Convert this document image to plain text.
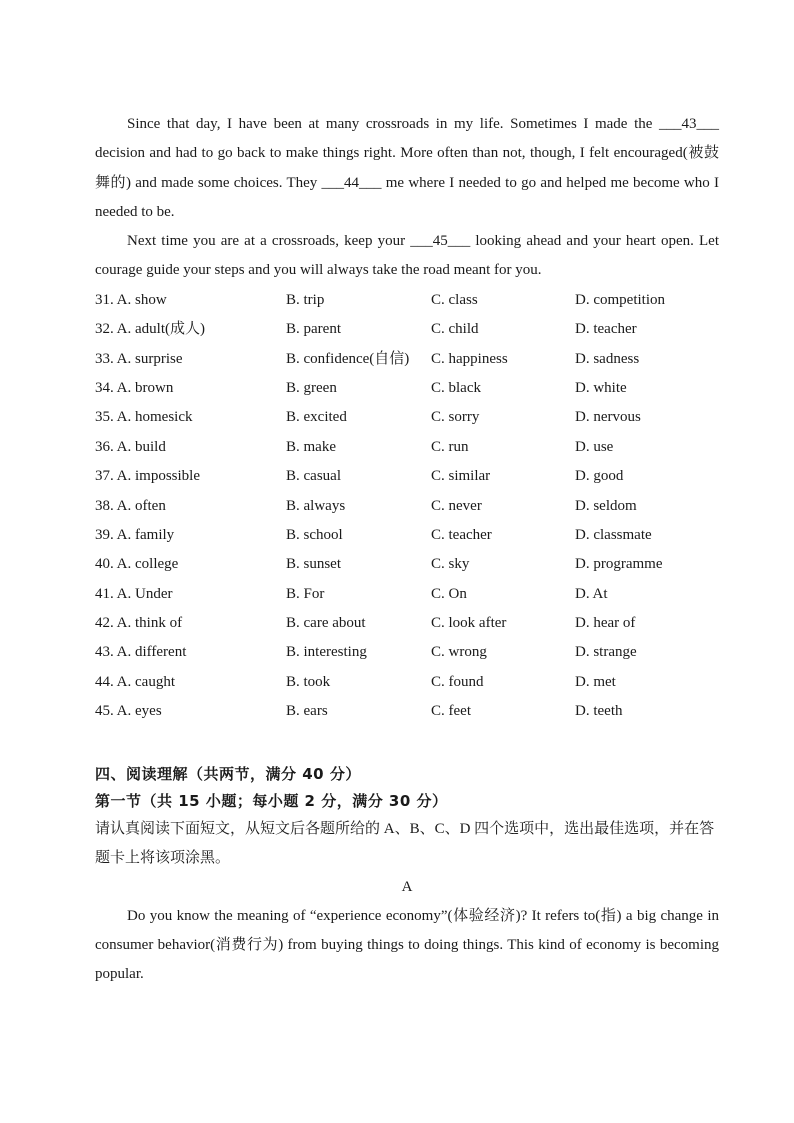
Since that day, I have been at many crossroads in my life. Sometimes I made the ___43___ decision and had to go back to make things right. More often than not, though, I felt encouraged(被鼓舞的) and made some choices. They ___44___ me where I needed to go and helped me become who I needed to be.

Next time you are at a crossroads, keep your ___45___ looking ahead and your heart open. Let courage guide your steps and you will always take the road meant for you.

31. A. show	B. trip	C. class	D. competition
32. A. adult(成人)	B. parent	C. child	D. teacher
33. A. surprise	B. confidence(自信) C. happiness	D. sadness
34. A. brown	B. green	C. black	D. white
35. A. homesick	B. excited	C. sorry	D. nervous
36. A. build	B. make	C. run	D. use
37. A. impossible	B. casual	C. similar	D. good
38. A. often	B. always	C. never	D. seldom
39. A. family	B. school	C. teacher	D. classmate
40. A. college	B. sunset	C. sky	D. programme
41. A. Under	B. For	C. On	D. At
42. A. think of	B. care about	C. look after	D. hear of
43. A. different	B. interesting	C. wrong	D. strange
44. A. caught	B. took	C. found	D. met
45. A. eyes	B. ears	C. feet	D. teeth

四、阅读理解（共两节，满分 40 分）

第一节（共 15 小题；每小题 2 分，满分 30 分）

请认真阅读下面短文，从短文后各题所给的 A、B、C、D 四个选项中，选出最佳选项，并在答题卡上将该项涂黑。

A

Do you know the meaning of “experience economy”(体验经济)? It refers to(指) a big change in consumer behavior(消费行为) from buying things to doing things. This kind of economy is becoming popular.
